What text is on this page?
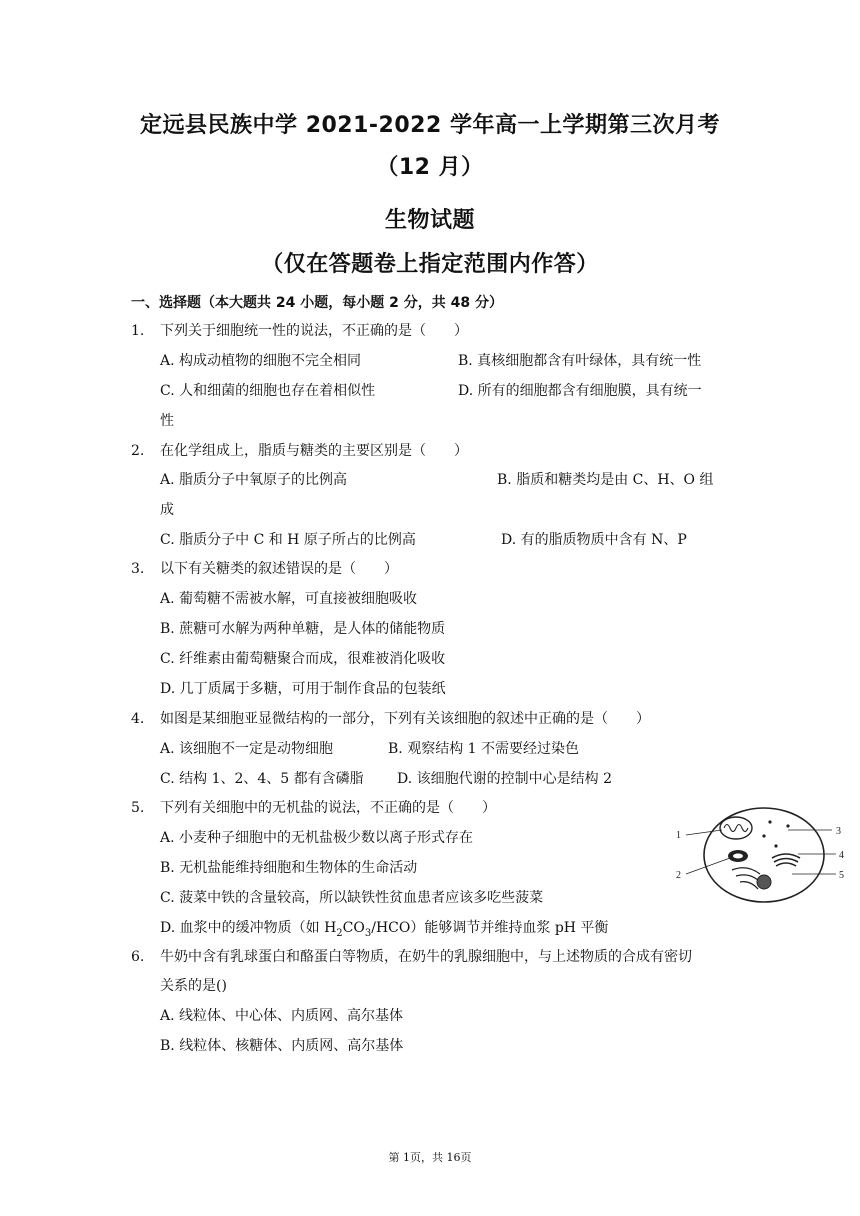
定远县民族中学 2021-2022 学年高一上学期第三次月考
（12 月）
生物试题
（仅在答题卷上指定范围内作答）
一、选择题（本大题共 24 小题，每小题 2 分，共 48 分）
1. 下列关于细胞统一性的说法，不正确的是（　　）
A. 构成动植物的细胞不完全相同	B. 真核细胞都含有叶绿体，具有统一性
C. 人和细菌的细胞也存在着相似性	D. 所有的细胞都含有细胞膜，具有统一
性
2. 在化学组成上，脂质与糖类的主要区别是（　　）
A. 脂质分子中氧原子的比例高	B. 脂质和糖类均是由 C、H、O 组
成
C. 脂质分子中 C 和 H 原子所占的比例高	D. 有的脂质物质中含有 N、P
3. 以下有关糖类的叙述错误的是（　　）
A. 葡萄糖不需被水解，可直接被细胞吸收
B. 蔗糖可水解为两种单糖，是人体的储能物质
C. 纤维素由葡萄糖聚合而成，很难被消化吸收
D. 几丁质属于多糖，可用于制作食品的包装纸
4. 如图是某细胞亚显微结构的一部分，下列有关该细胞的叙述中正确的是（　　）
A. 该细胞不一定是动物细胞	B. 观察结构 1 不需要经过染色
C. 结构 1、2、4、5 都有含磷脂 D. 该细胞代谢的控制中心是结构 2
5. 下列有关细胞中的无机盐的说法，不正确的是（　　）
A. 小麦种子细胞中的无机盐极少数以离子形式存在
B. 无机盐能维持细胞和生物体的生命活动
C. 菠菜中铁的含量较高，所以缺铁性贫血患者应该多吃些菠菜
D. 血浆中的缓冲物质（如 $H_2CO_3/HCO$）能够调节并维持血浆 pH 平衡
6. 牛奶中含有乳球蛋白和酪蛋白等物质，在奶牛的乳腺细胞中，与上述物质的合成有密切
关系的是()
A. 线粒体、中心体、内质网、高尔基体
B. 线粒体、核糖体、内质网、高尔基体
1
2
3
4
5
第 1页，共 16页
